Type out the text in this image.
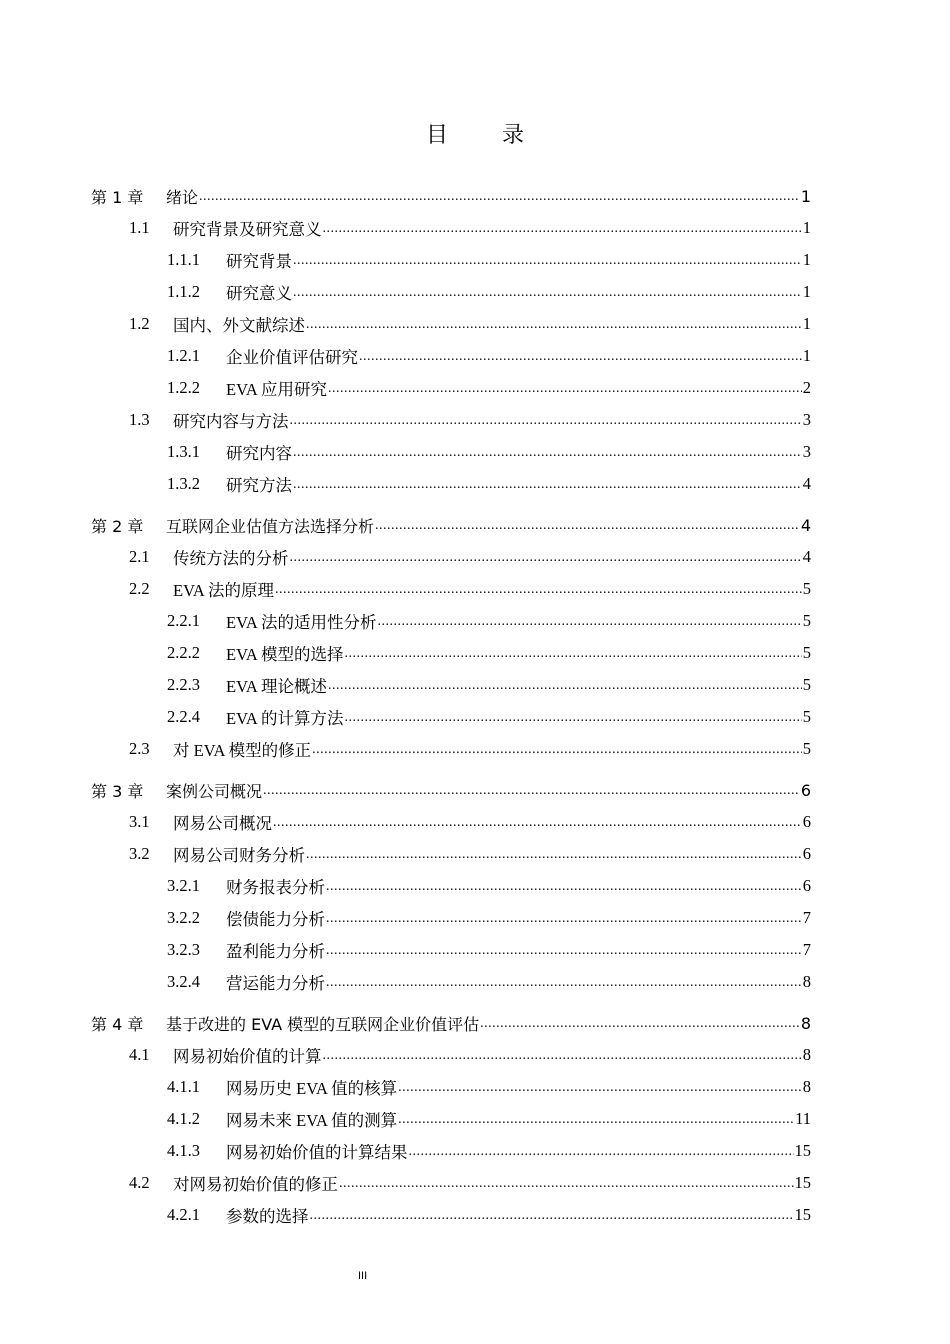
目 录
第 1 章	绪论 .....	1
1.1	研究背景及研究意义 .....	1
1.1.1	研究背景 .....	1
1.1.2	研究意义 .....	1
1.2	国内、外文献综述 .....	1
1.2.1	企业价值评估研究 .....	1
1.2.2	EVA 应用研究 .....	2
1.3	研究内容与方法 .....	3
1.3.1	研究内容 .....	3
1.3.2	研究方法 .....	4
第 2 章	互联网企业估值方法选择分析 .....	4
2.1	传统方法的分析 .....	4
2.2	EVA 法的原理 .....	5
2.2.1	EVA 法的适用性分析 .....	5
2.2.2	EVA 模型的选择 .....	5
2.2.3	EVA 理论概述 .....	5
2.2.4	EVA 的计算方法 .....	5
2.3	对 EVA 模型的修正 .....	5
第 3 章	案例公司概况 .....	6
3.1	网易公司概况 .....	6
3.2	网易公司财务分析 .....	6
3.2.1	财务报表分析 .....	6
3.2.2	偿债能力分析 .....	7
3.2.3	盈利能力分析 .....	7
3.2.4	营运能力分析 .....	8
第 4 章	基于改进的 EVA 模型的互联网企业价值评估 .....	8
4.1	网易初始价值的计算 .....	8
4.1.1	网易历史 EVA 值的核算 .....	8
4.1.2	网易未来 EVA 值的测算 .....	11
4.1.3	网易初始价值的计算结果 .....	15
4.2	对网易初始价值的修正 .....	15
4.2.1	参数的选择 .....	15
III
